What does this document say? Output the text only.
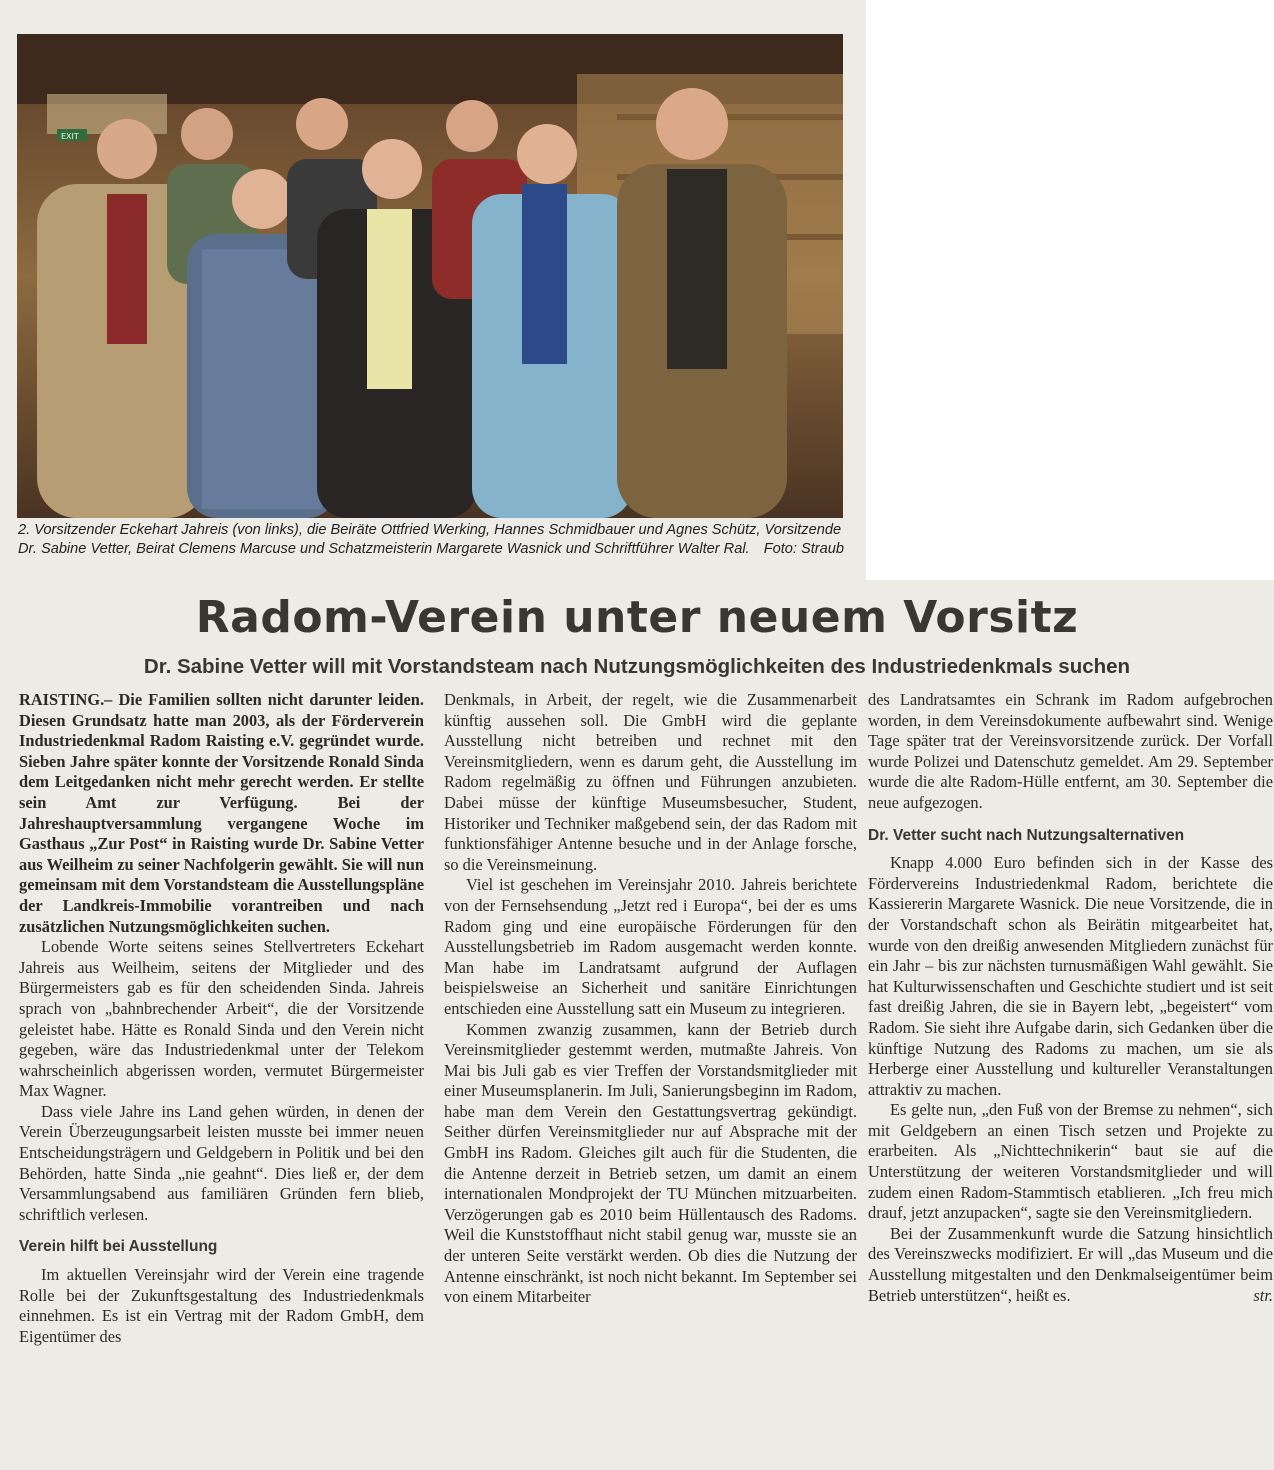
EXIT

2. Vorsitzender Eckehart Jahreis (von links), die Beiräte Ottfried Werking, Hannes Schmidbauer und Agnes Schütz, Vorsitzende Dr. Sabine Vetter, Beirat Clemens Marcuse und Schatzmeisterin Margarete Wasnick und Schriftführer Walter Ral. Foto: Straub

Radom-Verein unter neuem Vorsitz
Dr. Sabine Vetter will mit Vorstandsteam nach Nutzungsmöglichkeiten des Industriedenkmals suchen

RAISTING.– Die Familien sollten nicht darunter leiden. Diesen Grundsatz hatte man 2003, als der Förderverein Industriedenkmal Radom Raisting e.V. gegründet wurde. Sieben Jahre später konnte der Vorsitzende Ronald Sinda dem Leitgedanken nicht mehr gerecht werden. Er stellte sein Amt zur Verfügung. Bei der Jahreshauptversammlung vergangene Woche im Gasthaus „Zur Post“ in Raisting wurde Dr. Sabine Vetter aus Weilheim zu seiner Nachfolgerin gewählt. Sie will nun gemeinsam mit dem Vorstandsteam die Ausstellungspläne der Landkreis-Immobilie vorantreiben und nach zusätzlichen Nutzungsmöglichkeiten suchen.

Lobende Worte seitens seines Stellvertreters Eckehart Jahreis aus Weilheim, seitens der Mitglieder und des Bürgermeisters gab es für den scheidenden Sinda. Jahreis sprach von „bahnbrechender Arbeit“, die der Vorsitzende geleistet habe. Hätte es Ronald Sinda und den Verein nicht gegeben, wäre das Industriedenkmal unter der Telekom wahrscheinlich abgerissen worden, vermutet Bürgermeister Max Wagner.

Dass viele Jahre ins Land gehen würden, in denen der Verein Überzeugungsarbeit leisten musste bei immer neuen Entscheidungsträgern und Geldgebern in Politik und bei den Behörden, hatte Sinda „nie geahnt“. Dies ließ er, der dem Versammlungsabend aus familiären Gründen fern blieb, schriftlich verlesen.

Verein hilft bei Ausstellung

Im aktuellen Vereinsjahr wird der Verein eine tragende Rolle bei der Zukunftsgestaltung des Industriedenkmals einnehmen. Es ist ein Vertrag mit der Radom GmbH, dem Eigentümer des

Denkmals, in Arbeit, der regelt, wie die Zusammenarbeit künftig aussehen soll. Die GmbH wird die geplante Ausstellung nicht betreiben und rechnet mit den Vereinsmitgliedern, wenn es darum geht, die Ausstellung im Radom regelmäßig zu öffnen und Führungen anzubieten. Dabei müsse der künftige Museumsbesucher, Student, Historiker und Techniker maßgebend sein, der das Radom mit funktionsfähiger Antenne besuche und in der Anlage forsche, so die Vereinsmeinung.

Viel ist geschehen im Vereinsjahr 2010. Jahreis berichtete von der Fernsehsendung „Jetzt red i Europa“, bei der es ums Radom ging und eine europäische Förderungen für den Ausstellungsbetrieb im Radom ausgemacht werden konnte. Man habe im Landratsamt aufgrund der Auflagen beispielsweise an Sicherheit und sanitäre Einrichtungen entschieden eine Ausstellung satt ein Museum zu integrieren.

Kommen zwanzig zusammen, kann der Betrieb durch Vereinsmitglieder gestemmt werden, mutmaßte Jahreis. Von Mai bis Juli gab es vier Treffen der Vorstandsmitglieder mit einer Museumsplanerin. Im Juli, Sanierungsbeginn im Radom, habe man dem Verein den Gestattungsvertrag gekündigt. Seither dürfen Vereinsmitglieder nur auf Absprache mit der GmbH ins Radom. Gleiches gilt auch für die Studenten, die die Antenne derzeit in Betrieb setzen, um damit an einem internationalen Mondprojekt der TU München mitzuarbeiten. Verzögerungen gab es 2010 beim Hüllentausch des Radoms. Weil die Kunststoffhaut nicht stabil genug war, musste sie an der unteren Seite verstärkt werden. Ob dies die Nutzung der Antenne einschränkt, ist noch nicht bekannt. Im September sei von einem Mitarbeiter

des Landratsamtes ein Schrank im Radom aufgebrochen worden, in dem Vereinsdokumente aufbewahrt sind. Wenige Tage später trat der Vereinsvorsitzende zurück. Der Vorfall wurde Polizei und Datenschutz gemeldet. Am 29. September wurde die alte Radom-Hülle entfernt, am 30. September die neue aufgezogen.

Dr. Vetter sucht nach Nutzungsalternativen

Knapp 4.000 Euro befinden sich in der Kasse des Fördervereins Industriedenkmal Radom, berichtete die Kassiererin Margarete Wasnick. Die neue Vorsitzende, die in der Vorstandschaft schon als Beirätin mitgearbeitet hat, wurde von den dreißig anwesenden Mitgliedern zunächst für ein Jahr – bis zur nächsten turnusmäßigen Wahl gewählt. Sie hat Kulturwissenschaften und Geschichte studiert und ist seit fast dreißig Jahren, die sie in Bayern lebt, „begeistert“ vom Radom. Sie sieht ihre Aufgabe darin, sich Gedanken über die künftige Nutzung des Radoms zu machen, um sie als Herberge einer Ausstellung und kultureller Veranstaltungen attraktiv zu machen.

Es gelte nun, „den Fuß von der Bremse zu nehmen“, sich mit Geldgebern an einen Tisch setzen und Projekte zu erarbeiten. Als „Nichttechnikerin“ baut sie auf die Unterstützung der weiteren Vorstandsmitglieder und will zudem einen Radom-Stammtisch etablieren. „Ich freu mich drauf, jetzt anzupacken“, sagte sie den Vereinsmitgliedern.

Bei der Zusammenkunft wurde die Satzung hinsichtlich des Vereinszwecks modifiziert. Er will „das Museum und die Ausstellung mitgestalten und den Denkmalseigentümer beim Betrieb unterstützen“, heißt es.	str.
